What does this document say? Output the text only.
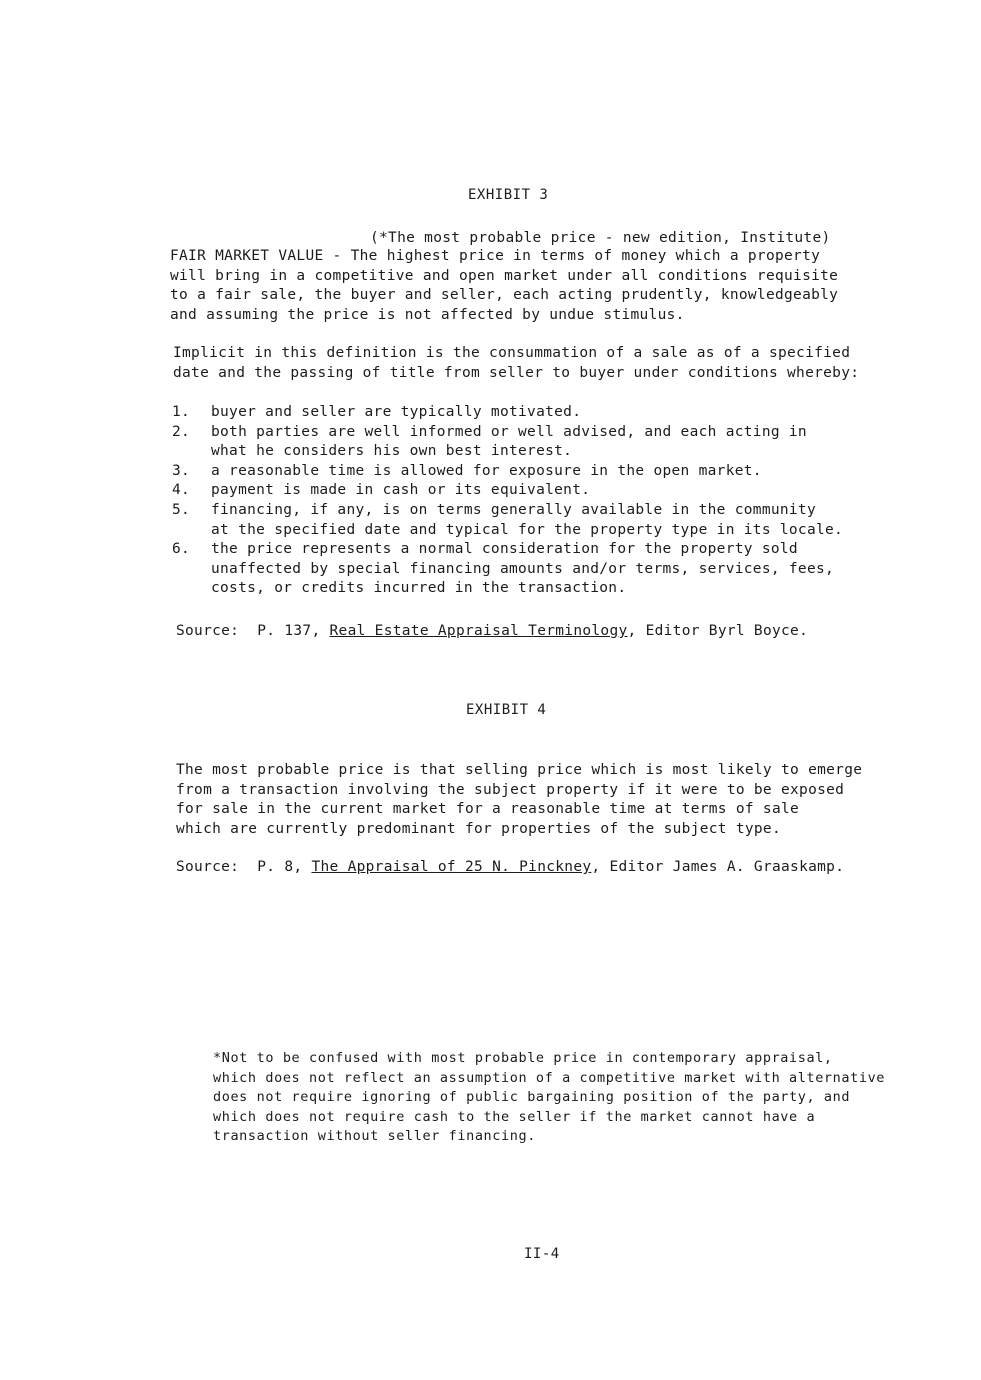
EXHIBIT 3
(*The most probable price - new edition, Institute)
FAIR MARKET VALUE - The highest price in terms of money which a property
will bring in a competitive and open market under all conditions requisite
to a fair sale, the buyer and seller, each acting prudently, knowledgeably
and assuming the price is not affected by undue stimulus.
Implicit in this definition is the consummation of a sale as of a specified
date and the passing of title from seller to buyer under conditions whereby:
1.	buyer and seller are typically motivated.
2.	both parties are well informed or well advised, and each acting in
what he considers his own best interest.
3.	a reasonable time is allowed for exposure in the open market.
4.	payment is made in cash or its equivalent.
5.	financing, if any, is on terms generally available in the community
at the specified date and typical for the property type in its locale.
6.	the price represents a normal consideration for the property sold
unaffected by special financing amounts and/or terms, services, fees,
costs, or credits incurred in the transaction.
Source: P. 137, Real Estate Appraisal Terminology, Editor Byrl Boyce.
EXHIBIT 4
The most probable price is that selling price which is most likely to emerge
from a transaction involving the subject property if it were to be exposed
for sale in the current market for a reasonable time at terms of sale
which are currently predominant for properties of the subject type.
Source: P. 8, The Appraisal of 25 N. Pinckney, Editor James A. Graaskamp.
*Not to be confused with most probable price in contemporary appraisal,
which does not reflect an assumption of a competitive market with alternative
does not require ignoring of public bargaining position of the party, and
which does not require cash to the seller if the market cannot have a
transaction without seller financing.
II-4
